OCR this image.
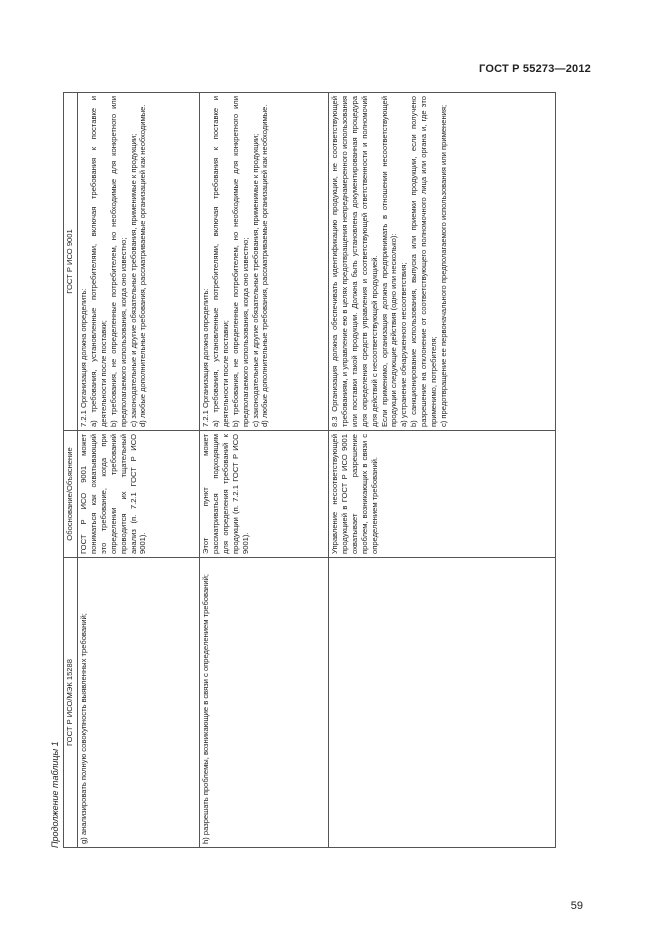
ГОСТ Р 55273—2012
Продолжение таблицы 1
ГОСТ Р ИСО/МЭК 15288	Обоснование/Объяснение	ГОСТ Р ИСО 9001
g) анализировать полную совокупность выявленных требований;	ГОСТ Р ИСО 9001 может пониматься как охватывающий это требование, когда при определении требований проводится их тщательный анализ (п. 7.2.1 ГОСТ Р ИСО 9001).	7.2.1 Организация должна определить: a) требования, установленные потребителями, включая требования к поставке и деятельности после поставки; b) требования, не определенные потребителем, но необходимые для конкретного или предполагаемого использования, когда оно известно; c) законодательные и другие обязательные требования, применимые к продукции; d) любые дополнительные требования, рассматриваемые организацией как необходимые.

h) разрешать проблемы, возникающие в связи с определением требований;	Этот пункт может рассматриваться подходящим для определения требований к продукции (п. 7.2.1 ГОСТ Р ИСО 9001).	7.2.1 Организация должна определить: a) требования, установленные потребителями, включая требования к поставке и деятельности после поставки; b) требования, не определенные потребителем, но необходимые для конкретного или предполагаемого использования, когда оно известно; c) законодательные и другие обязательные требования, применимые к продукции; d) любые дополнительные требования, рассматриваемые организацией как необходимые.

	Управление несоответствующей продукцией в ГОСТ Р ИСО 9001 охватывает разрешение проблем, возникающих в связи с определением требований.	8.3 Организация должна обеспечивать идентификацию продукции, не соответствующей требованиям, и управление ею в целях предотвращения непреднамеренного использования или поставки такой продукции. Должна быть установлена документированная процедура для определения средств управления и соответствующей ответственности и полномочий для действий с несоответствующей продукцией. Если применимо, организация должна предпринимать в отношении несоответствующей продукции следующие действия (одно или несколько): a) устранение обнаруженного несоответствия; b) санкционирование использования, выпуска или приемки продукции, если получено разрешение на отклонение от соответствующего полномочного лица или органа и, где это применимо, потребителя; c) предотвращение ее первоначального предполагаемого использования или применения;
59
